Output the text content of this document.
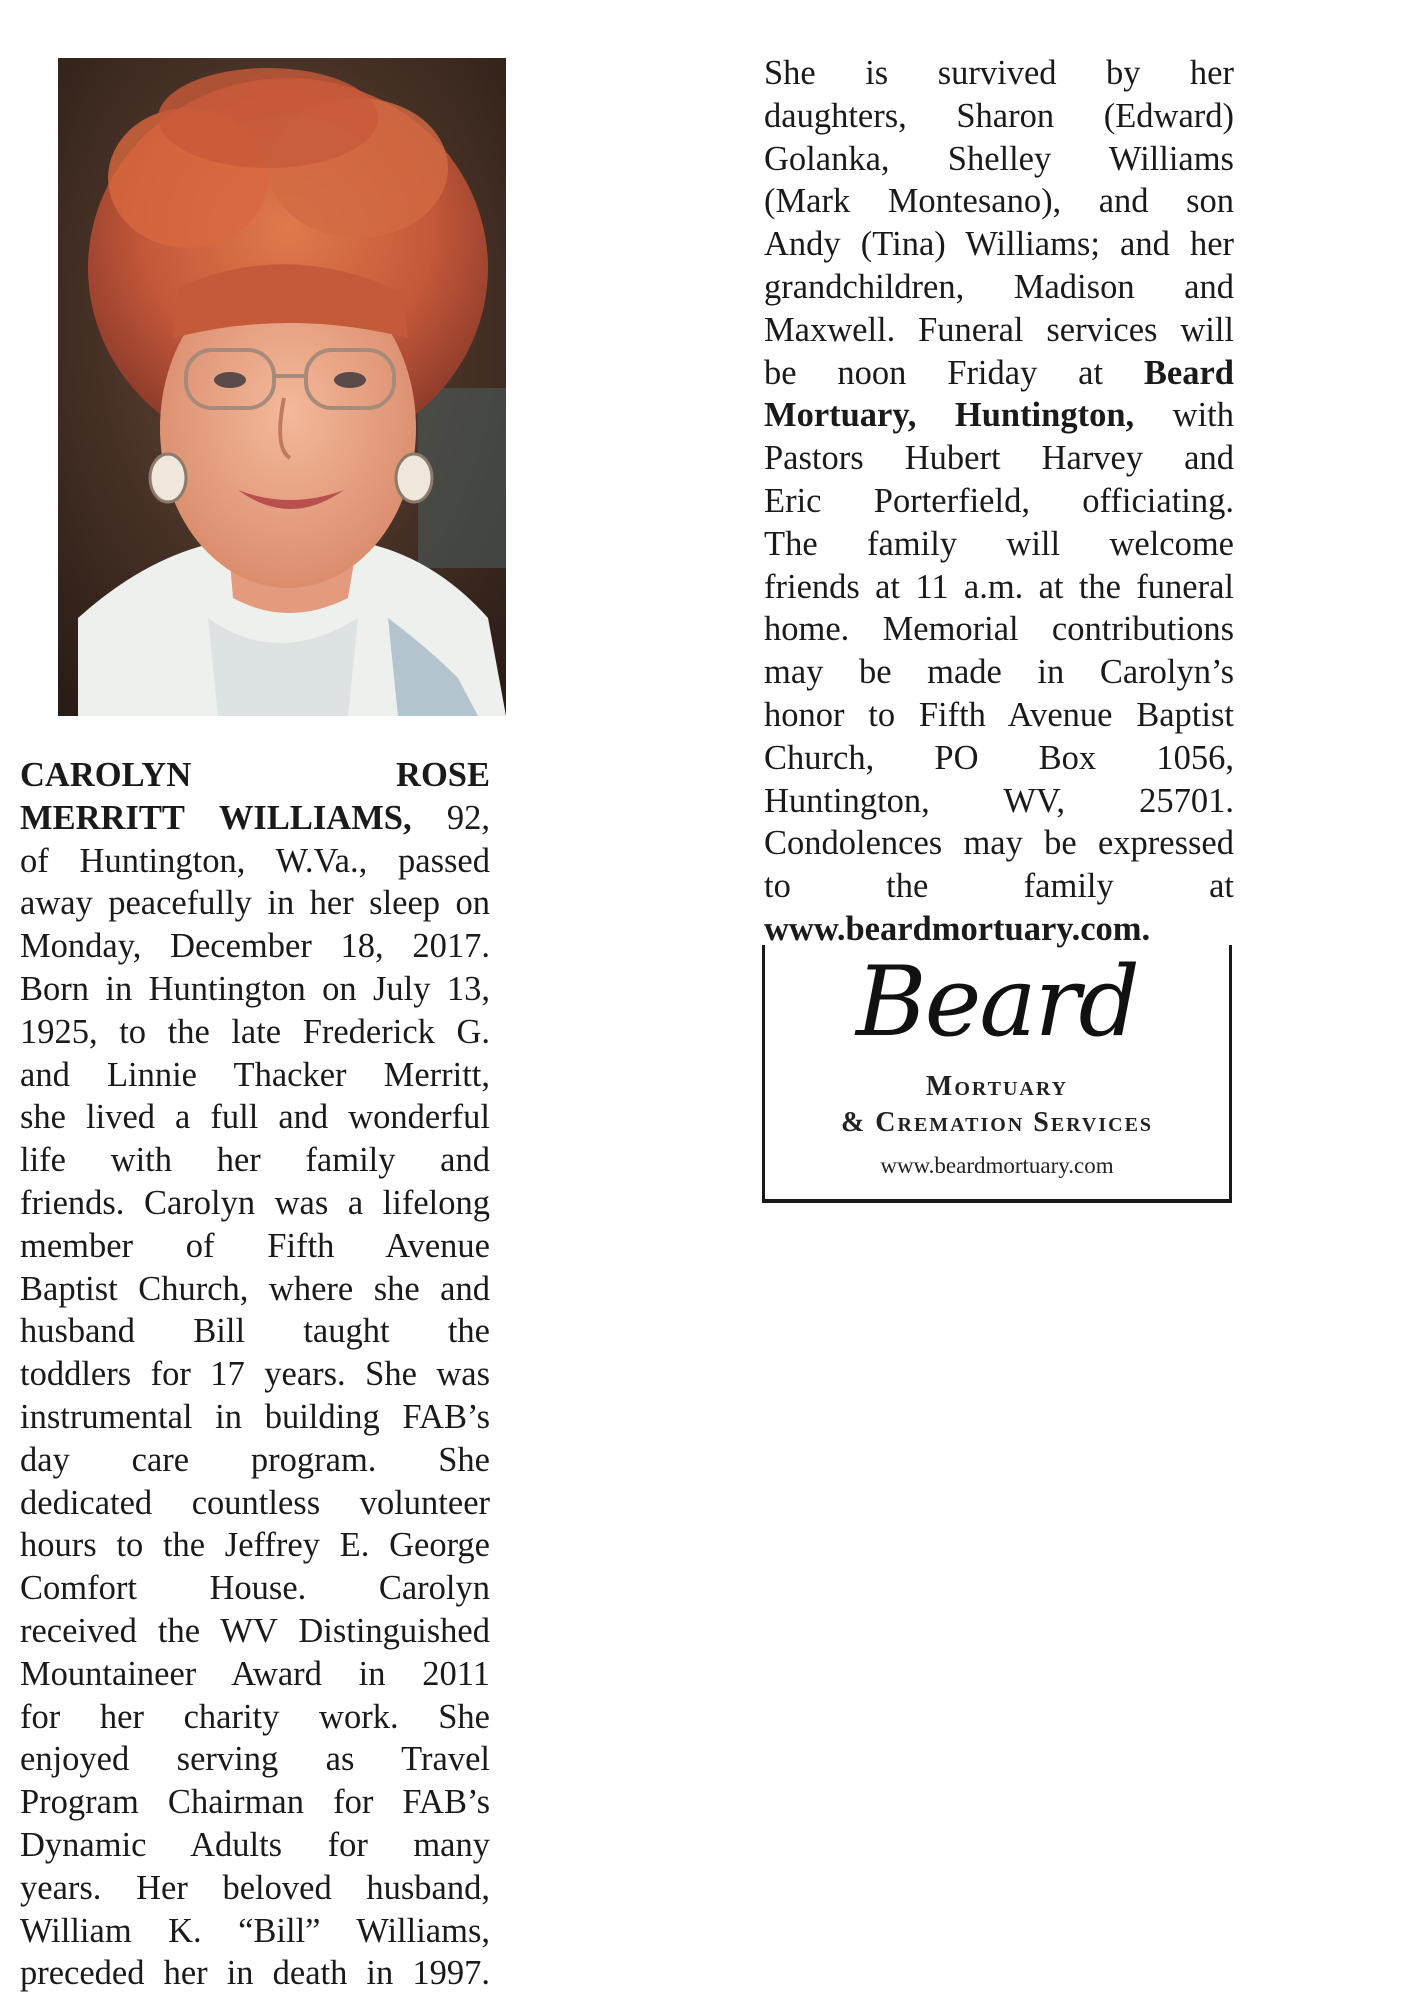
CAROLYN ROSE
MERRITT WILLIAMS, 92,
of Huntington, W.Va., passed
away peacefully in her sleep on
Monday, December 18, 2017.
Born in Huntington on July 13,
1925, to the late Frederick G.
and Linnie Thacker Merritt,
she lived a full and wonderful
life with her family and
friends. Carolyn was a lifelong
member of Fifth Avenue
Baptist Church, where she and
husband Bill taught the
toddlers for 17 years. She was
instrumental in building FAB’s
day care program. She
dedicated countless volunteer
hours to the Jeffrey E. George
Comfort House. Carolyn
received the WV Distinguished
Mountaineer Award in 2011
for her charity work. She
enjoyed serving as Travel
Program Chairman for FAB’s
Dynamic Adults for many
years. Her beloved husband,
William K. “Bill” Williams,
preceded her in death in 1997.
She is survived by her
daughters, Sharon (Edward)
Golanka, Shelley Williams
(Mark Montesano), and son
Andy (Tina) Williams; and her
grandchildren, Madison and
Maxwell. Funeral services will
be noon Friday at Beard
Mortuary, Huntington, with
Pastors Hubert Harvey and
Eric Porterfield, officiating.
The family will welcome
friends at 11 a.m. at the funeral
home. Memorial contributions
may be made in Carolyn’s
honor to Fifth Avenue Baptist
Church, PO Box 1056,
Huntington, WV, 25701.
Condolences may be expressed
to the family at
www.beardmortuary.com.
Beard
Mortuary
& Cremation Services
www.beardmortuary.com
